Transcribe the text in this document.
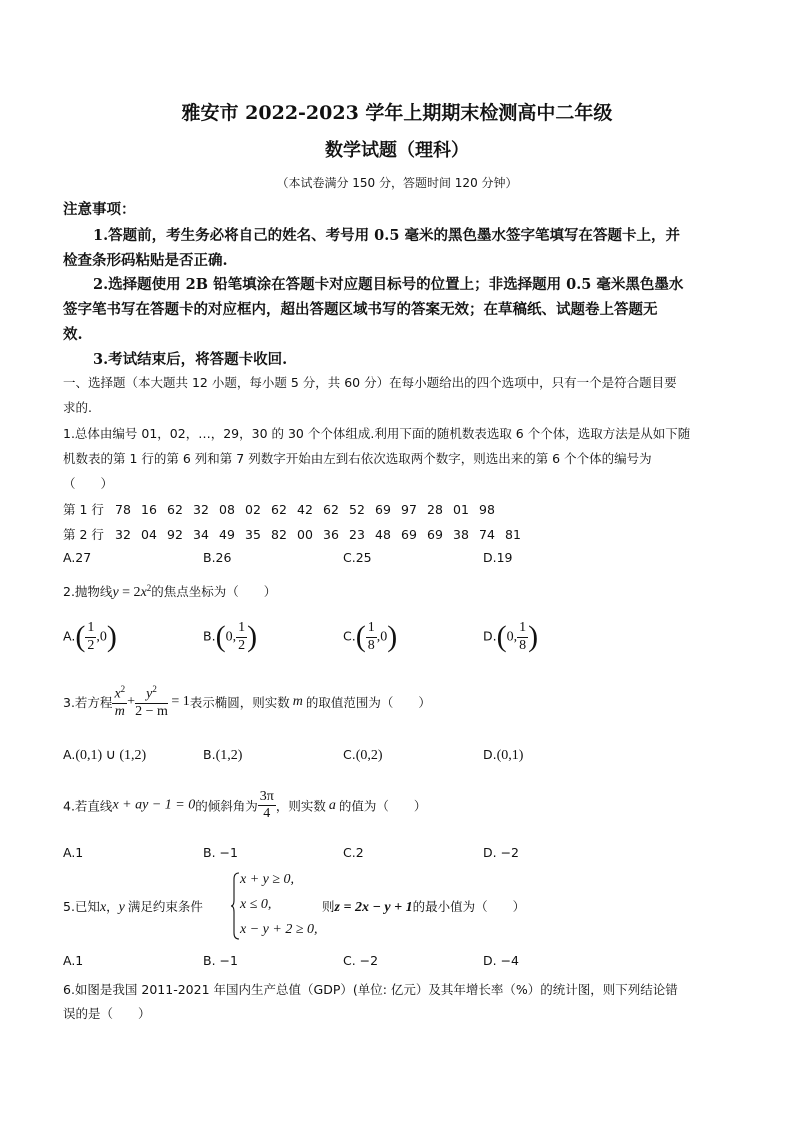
雅安市 2022-2023 学年上期期末检测高中二年级
数学试题（理科）
（本试卷满分 150 分，答题时间 120 分钟）
注意事项：
1.答题前，考生务必将自己的姓名、考号用 0.5 毫米的黑色墨水签字笔填写在答题卡上，并
检查条形码粘贴是否正确.
2.选择题使用 2B 铅笔填涂在答题卡对应题目标号的位置上；非选择题用 0.5 毫米黑色墨水
签字笔书写在答题卡的对应框内，超出答题区域书写的答案无效；在草稿纸、试题卷上答题无
效.
3.考试结束后，将答题卡收回.
一、选择题（本大题共 12 小题，每小题 5 分，共 60 分）在每小题给出的四个选项中，只有一个是符合题目要
求的.
1.总体由编号 01，02，…，29，30 的 30 个个体组成.利用下面的随机数表选取 6 个个体，选取方法是从如下随
机数表的第 1 行的第 6 列和第 7 列数字开始由左到右依次选取两个数字，则选出来的第 6 个个体的编号为
（　　）
第 1 行 78 16 62 32 08 02 62 42 62 52 69 97 28 01 98
第 2 行 32 04 92 34 49 35 82 00 36 23 48 69 69 38 74 81
A.27	B.26	C.25	D.19
2.抛物线$y = 2x^2$的焦点坐标为（　　）
$A.( \frac{1}{2} ,0)$	B.(0, $\frac{1}{2}$ )	$C.( \frac{1}{8} ,0)$	D.(0, $\frac{1}{8}$ )
3.若方程 $\frac{x^2}{m} + \frac{y^2}{2 - m} = 1$表示椭圆，则实数 m 的取值范围为（　　）
A.(0,1) ∪ (1,2)	B.(1,2)	C.(0,2)	D.(0,1)
4.若直线x + ay − 1 = 0的倾斜角为 $\frac{3\pi}{4}$ ，则实数 a 的值为（　　）
A.1	B. −1	C.2	D. −2
5.已知x，y 满足约束条件
x + y ≥ 0,
x ≤ 0,
x − y + 2 ≥ 0,
则z = 2x − y + 1的最小值为（　　）
A.1	B. −1	C. −2	D. −4
6.如图是我国 2011-2021 年国内生产总值（GDP）(单位: 亿元）及其年增长率（%）的统计图，则下列结论错
误的是（　　）
